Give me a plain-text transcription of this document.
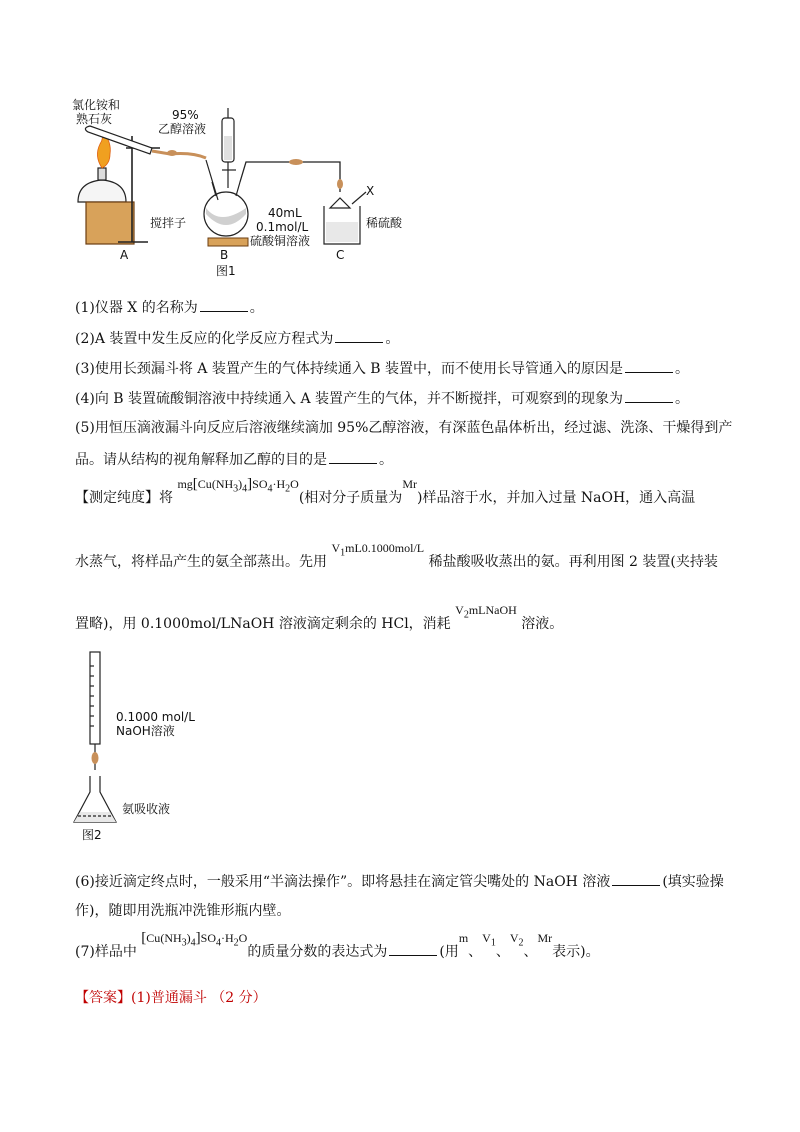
氯化铵和
熟石灰	95%
乙醇溶液
40mL
0.1mol/L
硫酸铜溶液
搅拌子
X
稀硫酸
A	B	C
图1
(1)仪器 X 的名称为	。
(2)A 装置中发生反应的化学反应方程式为	。
(3)使用长颈漏斗将 A 装置产生的气体持续通入 B 装置中，而不使用长导管通入的原因是	。
(4)向 B 装置硫酸铜溶液中持续通入 A 装置产生的气体，并不断搅拌，可观察到的现象为	。
(5)用恒压滴液漏斗向反应后溶液继续滴加 95%乙醇溶液，有深蓝色晶体析出，经过滤、洗涤、干燥得到产
品。请从结构的视角解释加乙醇的目的是	。
【测定纯度】将 $mg[Cu(NH_3)_4]SO_4\cdot H_2O$(相对分子质量为Mr)样品溶于水，并加入过量 NaOH，通入高温
水蒸气，将样品产生的氨全部蒸出。先用 $V_1mL0.1000mol/L$ 稀盐酸吸收蒸出的氨。再利用图 2 装置(夹持装
置略)，用 0.1000mol/LNaOH 溶液滴定剩余的 HCl，消耗 $V_2mLNaOH$ 溶液。
0.1000 mol/L
NaOH溶液
氨吸收液
图2
(6)接近滴定终点时，一般采用“半滴法操作”。即将悬挂在滴定管尖嘴处的 NaOH 溶液	(填实验操
作)，随即用洗瓶冲洗锥形瓶内壁。
(7)样品中 $[Cu(NH_3)_4]SO_4\cdot H_2O$的质量分数的表达式为	(用m、$V_1$、$V_2$、Mr表示)。
【答案】(1)普通漏斗 （2 分）
